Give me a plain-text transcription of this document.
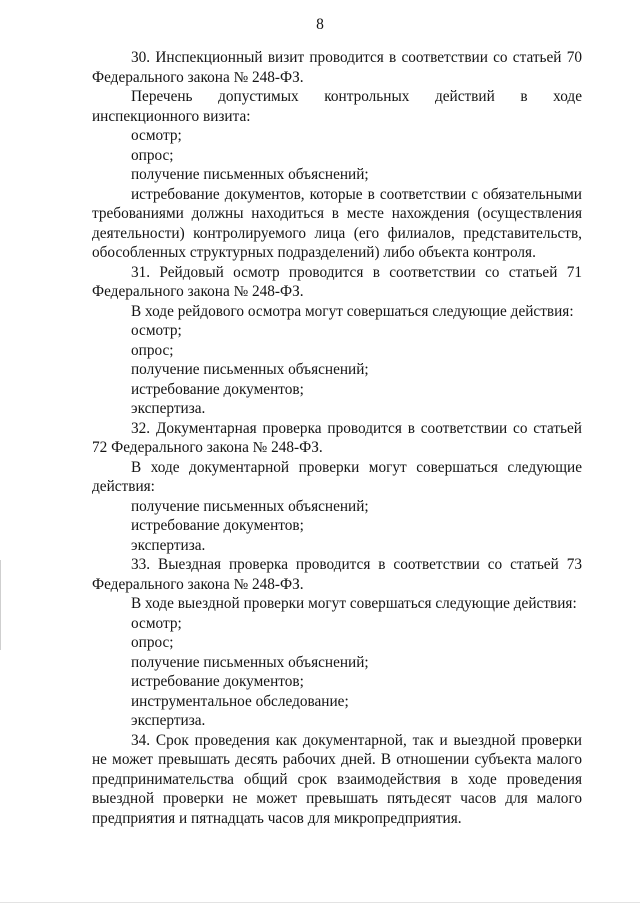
8

30. Инспекционный визит проводится в соответствии со статьей 70 Федерального закона № 248-ФЗ.

Перечень допустимых контрольных действий в ходе инспекционного визита:

осмотр;

опрос;

получение письменных объяснений;

истребование документов, которые в соответствии с обязательными требованиями должны находиться в месте нахождения (осуществления деятельности) контролируемого лица (его филиалов, представительств, обособленных структурных подразделений) либо объекта контроля.

31. Рейдовый осмотр проводится в соответствии со статьей 71 Федерального закона № 248-ФЗ.

В ходе рейдового осмотра могут совершаться следующие действия:

осмотр;

опрос;

получение письменных объяснений;

истребование документов;

экспертиза.

32. Документарная проверка проводится в соответствии со статьей 72 Федерального закона № 248-ФЗ.

В ходе документарной проверки могут совершаться следующие действия:

получение письменных объяснений;

истребование документов;

экспертиза.

33. Выездная проверка проводится в соответствии со статьей 73 Федерального закона № 248-ФЗ.

В ходе выездной проверки могут совершаться следующие действия:

осмотр;

опрос;

получение письменных объяснений;

истребование документов;

инструментальное обследование;

экспертиза.

34. Срок проведения как документарной, так и выездной проверки не может превышать десять рабочих дней. В отношении субъекта малого предпринимательства общий срок взаимодействия в ходе проведения выездной проверки не может превышать пятьдесят часов для малого предприятия и пятнадцать часов для микропредприятия.
